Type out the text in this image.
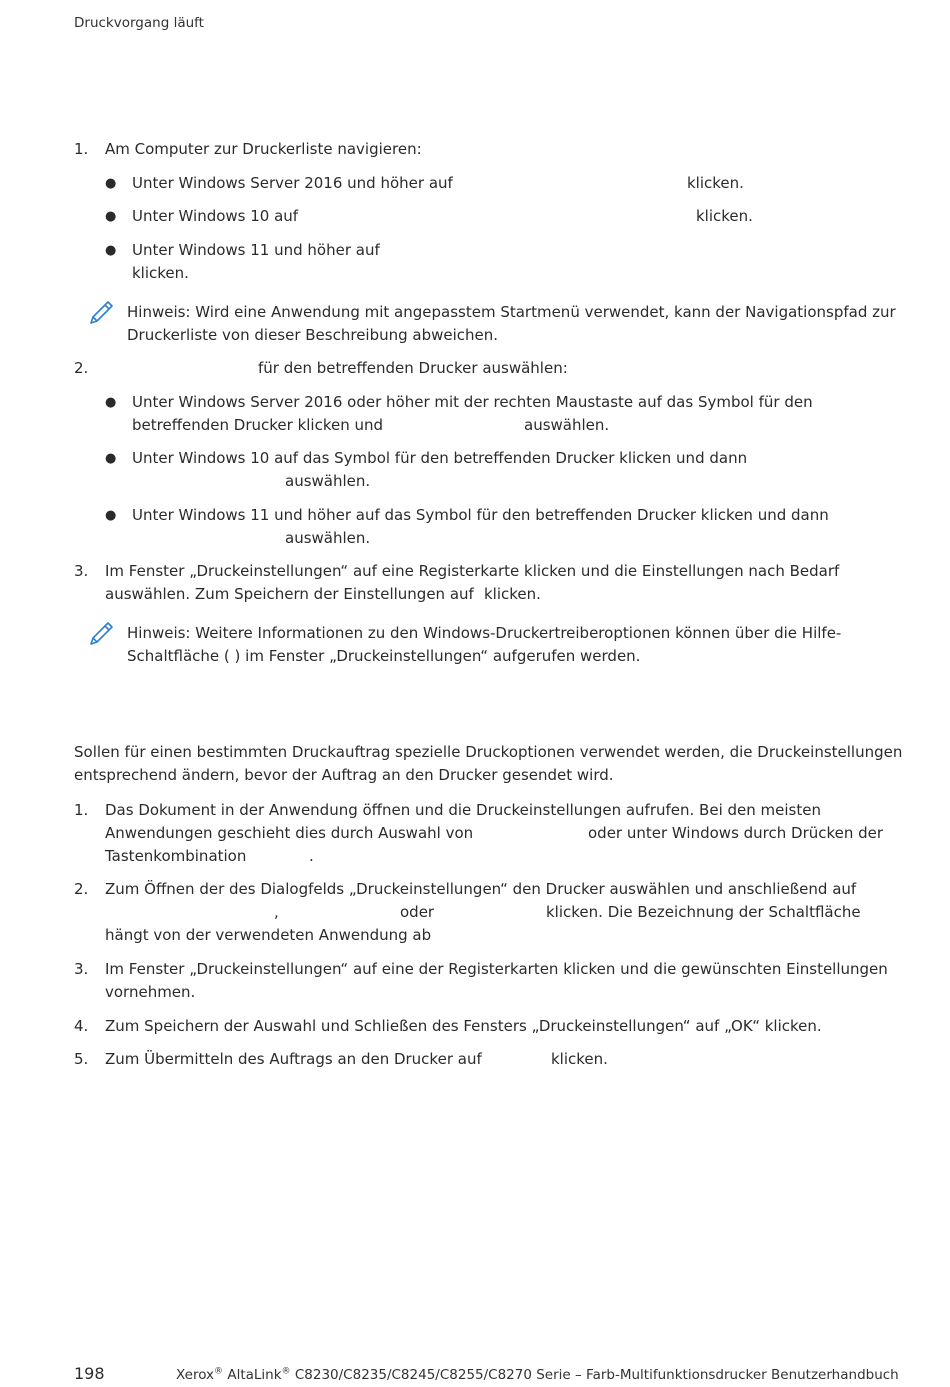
Druckvorgang läuft
1. Am Computer zur Druckerliste navigieren:
● Unter Windows Server 2016 und höher auf	klicken.
● Unter Windows 10 auf	klicken.
● Unter Windows 11 und höher auf
klicken.
Hinweis: Wird eine Anwendung mit angepasstem Startmenü verwendet, kann der Navigationspfad zur
Druckerliste von dieser Beschreibung abweichen.
2.	für den betreffenden Drucker auswählen:
● Unter Windows Server 2016 oder höher mit der rechten Maustaste auf das Symbol für den
betreffenden Drucker klicken und	auswählen.
● Unter Windows 10 auf das Symbol für den betreffenden Drucker klicken und dann
auswählen.
● Unter Windows 11 und höher auf das Symbol für den betreffenden Drucker klicken und dann
auswählen.
3. Im Fenster „Druckeinstellungen“ auf eine Registerkarte klicken und die Einstellungen nach Bedarf
auswählen. Zum Speichern der Einstellungen auf klicken.
Hinweis: Weitere Informationen zu den Windows-Druckertreiberoptionen können über die Hilfe-
Schaltfläche ( ) im Fenster „Druckeinstellungen“ aufgerufen werden.
Sollen für einen bestimmten Druckauftrag spezielle Druckoptionen verwendet werden, die Druckeinstellungen
entsprechend ändern, bevor der Auftrag an den Drucker gesendet wird.
1. Das Dokument in der Anwendung öffnen und die Druckeinstellungen aufrufen. Bei den meisten
Anwendungen geschieht dies durch Auswahl von	oder unter Windows durch Drücken der
Tastenkombination	.
2. Zum Öffnen der des Dialogfelds „Druckeinstellungen“ den Drucker auswählen und anschließend auf
,	oder	klicken. Die Bezeichnung der Schaltfläche
hängt von der verwendeten Anwendung ab
3. Im Fenster „Druckeinstellungen“ auf eine der Registerkarten klicken und die gewünschten Einstellungen
vornehmen.
4. Zum Speichern der Auswahl und Schließen des Fensters „Druckeinstellungen“ auf „OK“ klicken.
5. Zum Übermitteln des Auftrags an den Drucker auf	klicken.
198	Xerox® AltaLink® C8230/C8235/C8245/C8255/C8270 Serie – Farb-Multifunktionsdrucker Benutzerhandbuch
